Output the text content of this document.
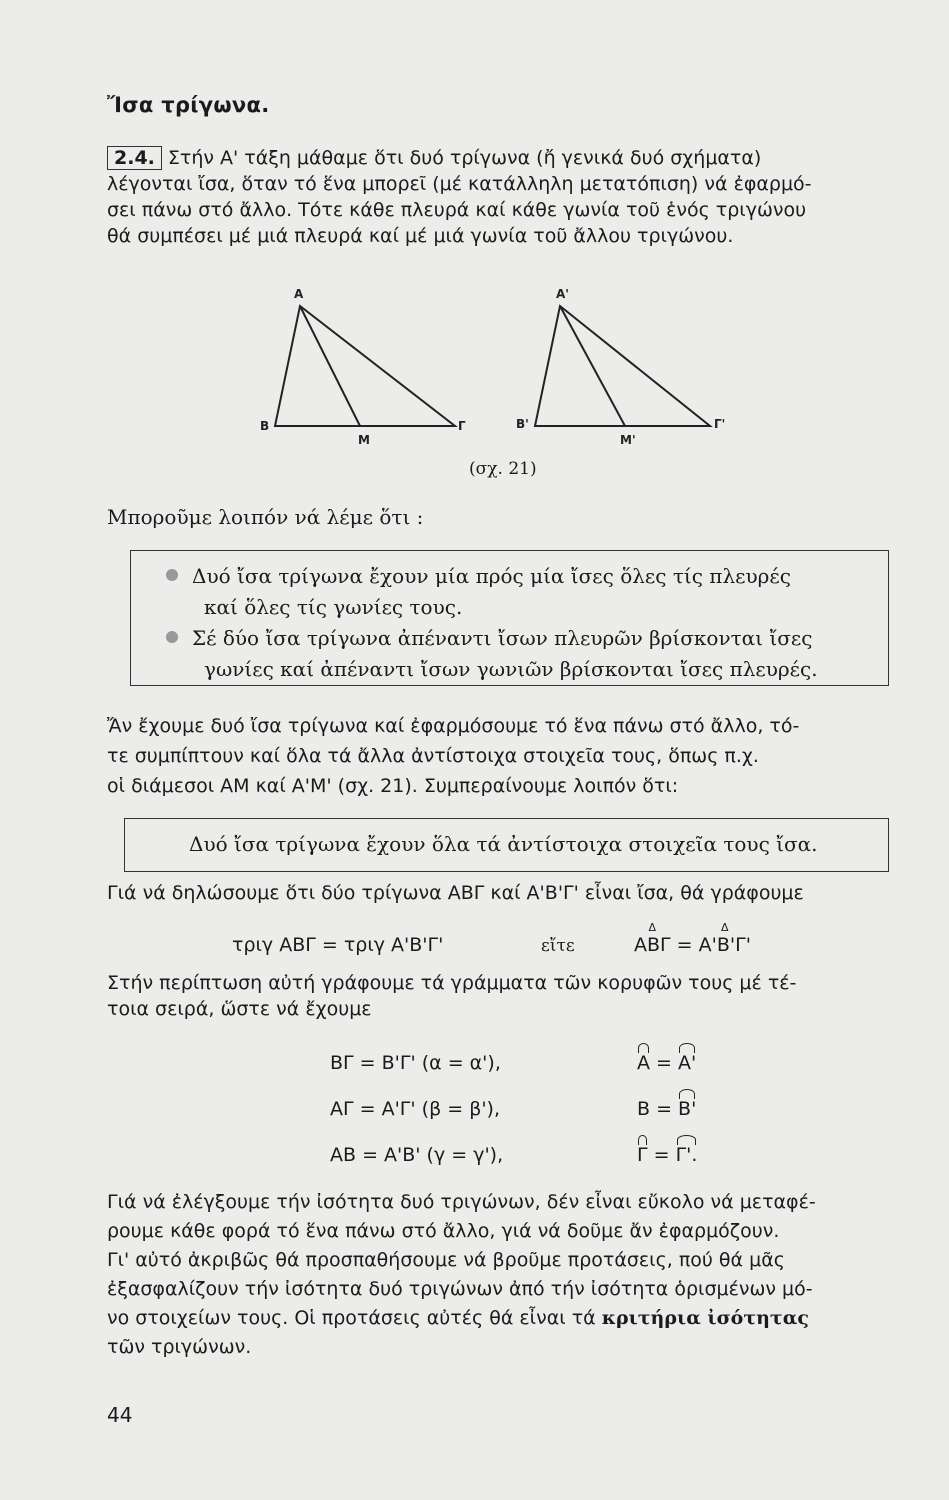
Ἴσα τρίγωνα.
2.4. Στήν Α' τάξη μάθαμε ὅτι δυό τρίγωνα (ἤ γενικά δυό σχήματα)
λέγονται ἴσα, ὅταν τό ἕνα μπορεῖ (μέ κατάλληλη μετατόπιση) νά ἐφαρμό-
σει πάνω στό ἄλλο. Τότε κάθε πλευρά καί κάθε γωνία τοῦ ἑνός τριγώνου
θά συμπέσει μέ μιά πλευρά καί μέ μιά γωνία τοῦ ἄλλου τριγώνου.
Α
Β
Μ
Γ
Α'
Β'
Μ'
Γ'
(σχ. 21)
Μποροῦμε λοιπόν νά λέμε ὅτι :
Δυό ἴσα τρίγωνα ἔχουν μία πρός μία ἴσες ὅλες τίς πλευρές
καί ὅλες τίς γωνίες τους.
Σέ δύο ἴσα τρίγωνα ἀπέναντι ἴσων πλευρῶν βρίσκονται ἴσες
γωνίες καί ἀπέναντι ἴσων γωνιῶν βρίσκονται ἴσες πλευρές.
Ἄν ἔχουμε δυό ἴσα τρίγωνα καί ἐφαρμόσουμε τό ἕνα πάνω στό ἄλλο, τό-
τε συμπίπτουν καί ὅλα τά ἄλλα ἀντίστοιχα στοιχεῖα τους, ὅπως π.χ.
οἱ διάμεσοι ΑΜ καί Α'Μ' (σχ. 21). Συμπεραίνουμε λοιπόν ὅτι:
Δυό ἴσα τρίγωνα ἔχουν ὅλα τά ἀντίστοιχα στοιχεῖα τους ἴσα.
Γιά νά δηλώσουμε ὅτι δύο τρίγωνα ΑΒΓ καί Α'Β'Γ' εἶναι ἴσα, θά γράφουμε
τριγ ΑΒΓ = τριγ Α'Β'Γ'	εἴτε
Δ	ΑΒΓ = Δ Α'Β'Γ'
Στήν περίπτωση αὐτή γράφουμε τά γράμματα τῶν κορυφῶν τους μέ τέ-
τοια σειρά, ὥστε νά ἔχουμε
ΒΓ = Β'Γ' (α = α'),	Α = Α'
ΑΓ = Α'Γ' (β = β'),	Β = Β'
ΑΒ = Α'Β' (γ = γ'),	Γ = Γ'.
Γιά νά ἐλέγξουμε τήν ἰσότητα δυό τριγώνων, δέν εἶναι εὔκολο νά μεταφέ-
ρουμε κάθε φορά τό ἕνα πάνω στό ἄλλο, γιά νά δοῦμε ἄν ἐφαρμόζουν.
Γι' αὐτό ἀκριβῶς θά προσπαθήσουμε νά βροῦμε προτάσεις, πού θά μᾶς
ἐξασφαλίζουν τήν ἰσότητα δυό τριγώνων ἀπό τήν ἰσότητα ὁρισμένων μό-
νο στοιχείων τους. Οἱ προτάσεις αὐτές θά εἶναι τά κριτήρια ἰσότητας
τῶν τριγώνων.
44
